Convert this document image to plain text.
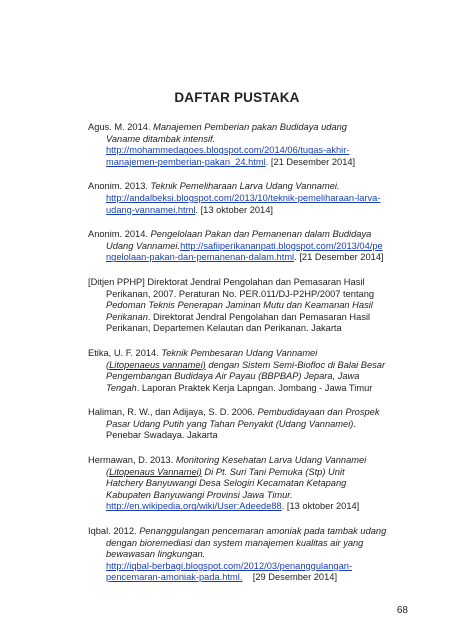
DAFTAR PUSTAKA
Agus. M. 2014. Manajemen Pemberian pakan Budidaya udang
Vaname ditambak intensif.
http://mohammedagoes.blogspot.com/2014/06/tugas-akhir-
manajemen-pemberian-pakan_24.html. [21 Desember 2014]
Anonim. 2013. Teknik Pemeliharaan Larva Udang Vannamei.
http://andalbeksi.blogspot.com/2013/10/teknik-pemeliharaan-larva-
udang-vannamei.html. [13 oktober 2014]
Anonim. 2014. Pengelolaan Pakan dan Pemanenan dalam Budidaya
Udang Vannamei.http://safiiperikananpati.blogspot.com/2013/04/pe
ngelolaan-pakan-dan-pemanenan-dalam.html. [21 Desember 2014]
[Ditjen PPHP] Direktorat Jendral Pengolahan dan Pemasaran Hasil
Perikanan, 2007. Peraturan No. PER.011/DJ-P2HP/2007 tentang
Pedoman Teknis Penerapan Jaminan Mutu dan Keamanan Hasil
Perikanan. Direktorat Jendral Pengolahan dan Pemasaran Hasil
Perikanan, Departemen Kelautan dan Perikanan. Jakarta
Etika, U. F. 2014. Teknik Pembesaran Udang Vannamei
(Litopenaeus vannamei) dengan Sistem Semi-Biofloc di Balai Besar
Pengembangan Budidaya Air Payau (BBPBAP) Jepara, Jawa
Tengah. Laporan Praktek Kerja Lapngan. Jombang - Jawa Timur
Haliman, R. W., dan Adijaya, S. D. 2006. Pembudidayaan dan Prospek
Pasar Udang Putih yang Tahan Penyakit (Udang Vannamei).
Penebar Swadaya. Jakarta
Hermawan, D. 2013. Monitoring Kesehatan Larva Udang Vannamei
(Litopenaus Vannamei) Di Pt. Suri Tani Pemuka (Stp) Unit
Hatchery Banyuwangi Desa Selogiri Kecamatan Ketapang
Kabupaten Banyuwangi Provinsi Jawa Timur.
http://en.wikipedia.org/wiki/User:Adeede88. [13 oktober 2014]
Iqbal. 2012. Penanggulangan pencemaran amoniak pada tambak udang
dengan bioremediasi dan system manajemen kualitas air yang
bewawasan lingkungan.
http://iqbal-berbagi.blogspot.com/2012/03/penanggulangan-
pencemaran-amoniak-pada.html. [29 Desember 2014]
68
